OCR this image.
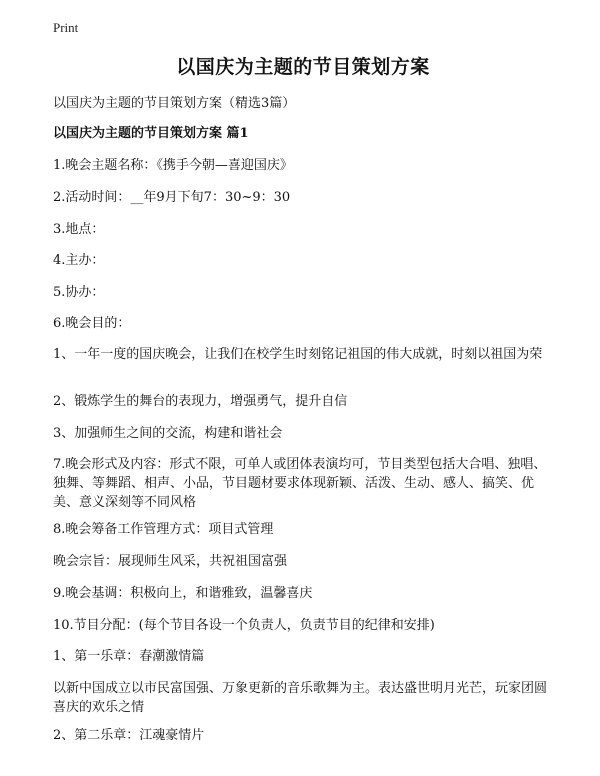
Print
以国庆为主题的节目策划方案

以国庆为主题的节目策划方案（精选3篇）

以国庆为主题的节目策划方案 篇1

1.晚会主题名称：《携手今朝—喜迎国庆》

2.活动时间：__年9月下旬7：30~9：30

3.地点：

4.主办：

5.协办：

6.晚会目的：

1、一年一度的国庆晚会，让我们在校学生时刻铭记祖国的伟大成就，时刻以祖国为荣

2、锻炼学生的舞台的表现力，增强勇气，提升自信

3、加强师生之间的交流，构建和谐社会

7.晚会形式及内容：形式不限，可单人或团体表演均可，节目类型包括大合唱、独唱、独舞、等舞蹈、相声、小品，节目题材要求体现新颖、活泼、生动、感人、搞笑、优美、意义深刻等不同风格

8.晚会筹备工作管理方式：项目式管理

晚会宗旨：展现师生风采，共祝祖国富强

9.晚会基调：积极向上，和谐雅致，温馨喜庆

10.节目分配：(每个节目各设一个负责人，负责节目的纪律和安排)

1、第一乐章：春潮激情篇

以新中国成立以市民富国强、万象更新的音乐歌舞为主。表达盛世明月光芒，玩家团圆喜庆的欢乐之情

2、第二乐章：江魂豪情片
